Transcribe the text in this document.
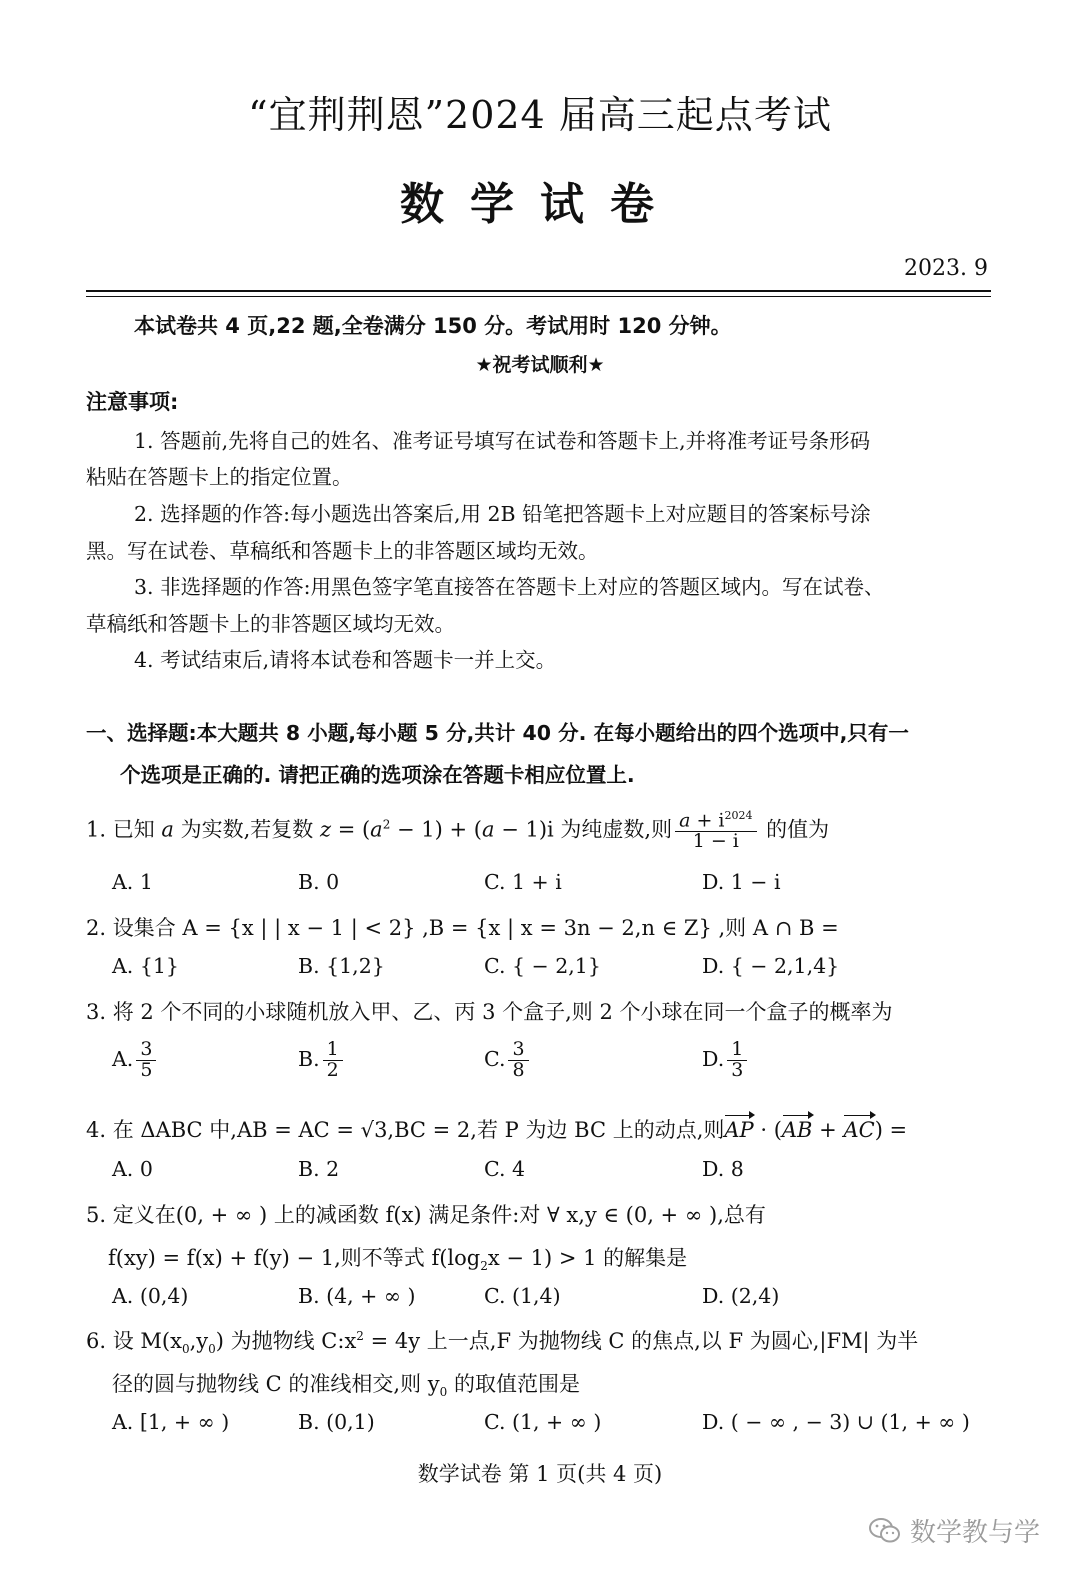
“宜荆荆恩”2024 届高三起点考试
数学试卷
2023. 9
本试卷共 4 页,22 题,全卷满分 150 分。考试用时 120 分钟。
★祝考试顺利★
注意事项:
1. 答题前,先将自己的姓名、准考证号填写在试卷和答题卡上,并将准考证号条形码
粘贴在答题卡上的指定位置。
2. 选择题的作答:每小题选出答案后,用 2B 铅笔把答题卡上对应题目的答案标号涂
黑。写在试卷、草稿纸和答题卡上的非答题区域均无效。
3. 非选择题的作答:用黑色签字笔直接答在答题卡上对应的答题区域内。写在试卷、
草稿纸和答题卡上的非答题区域均无效。
4. 考试结束后,请将本试卷和答题卡一并上交。
一、选择题:本大题共 8 小题,每小题 5 分,共计 40 分. 在每小题给出的四个选项中,只有一
个选项是正确的. 请把正确的选项涂在答题卡相应位置上.
1. 已知 a 为实数,若复数 $z = (a^2 - 1) + (a - 1)i$ 为纯虚数,则 $\frac{a + i^{2024}}{1 - i}$ 的值为
A. 1	B. 0	C. 1 + i	D. 1 − i
2. 设集合 A = {x | | x − 1 | < 2} ,B = {x | x = 3n − 2,n ∈ Z} ,则 A ∩ B =
A. {1}	B. {1,2}	C. { − 2,1}	D. { − 2,1,4}
3. 将 2 个不同的小球随机放入甲、乙、丙 3 个盒子,则 2 个小球在同一个盒子的概率为
A. $\frac{3}{5}$	B. $\frac{1}{2}$	C. $\frac{3}{8}$	D. $\frac{1}{3}$
4. 在 ΔABC 中,AB = AC = √3,BC = 2,若 P 为边 BC 上的动点,则AP · (AB + AC) =
A. 0	B. 2	C. 4	D. 8
5. 定义在(0, + ∞ ) 上的减函数 f(x) 满足条件:对 ∀ x,y ∈ (0, + ∞ ),总有
f(xy) = f(x) + f(y) − 1,则不等式 $f(\log_2x - 1) > 1$ 的解集是
A. (0,4)	B. (4, + ∞ )	C. (1,4)	D. (2,4)
6. 设 $M(x_0,y_0)$ 为抛物线 $C:x^2 = 4y$ 上一点,F 为抛物线 C 的焦点,以 F 为圆心,|FM| 为半
径的圆与抛物线 C 的准线相交,则 $y_0$ 的取值范围是
A. [1, + ∞ )	B. (0,1)	C. (1, + ∞ )	D. ( − ∞ , − 3) ∪ (1, + ∞ )
数学试卷 第 1 页(共 4 页)
数学教与学
